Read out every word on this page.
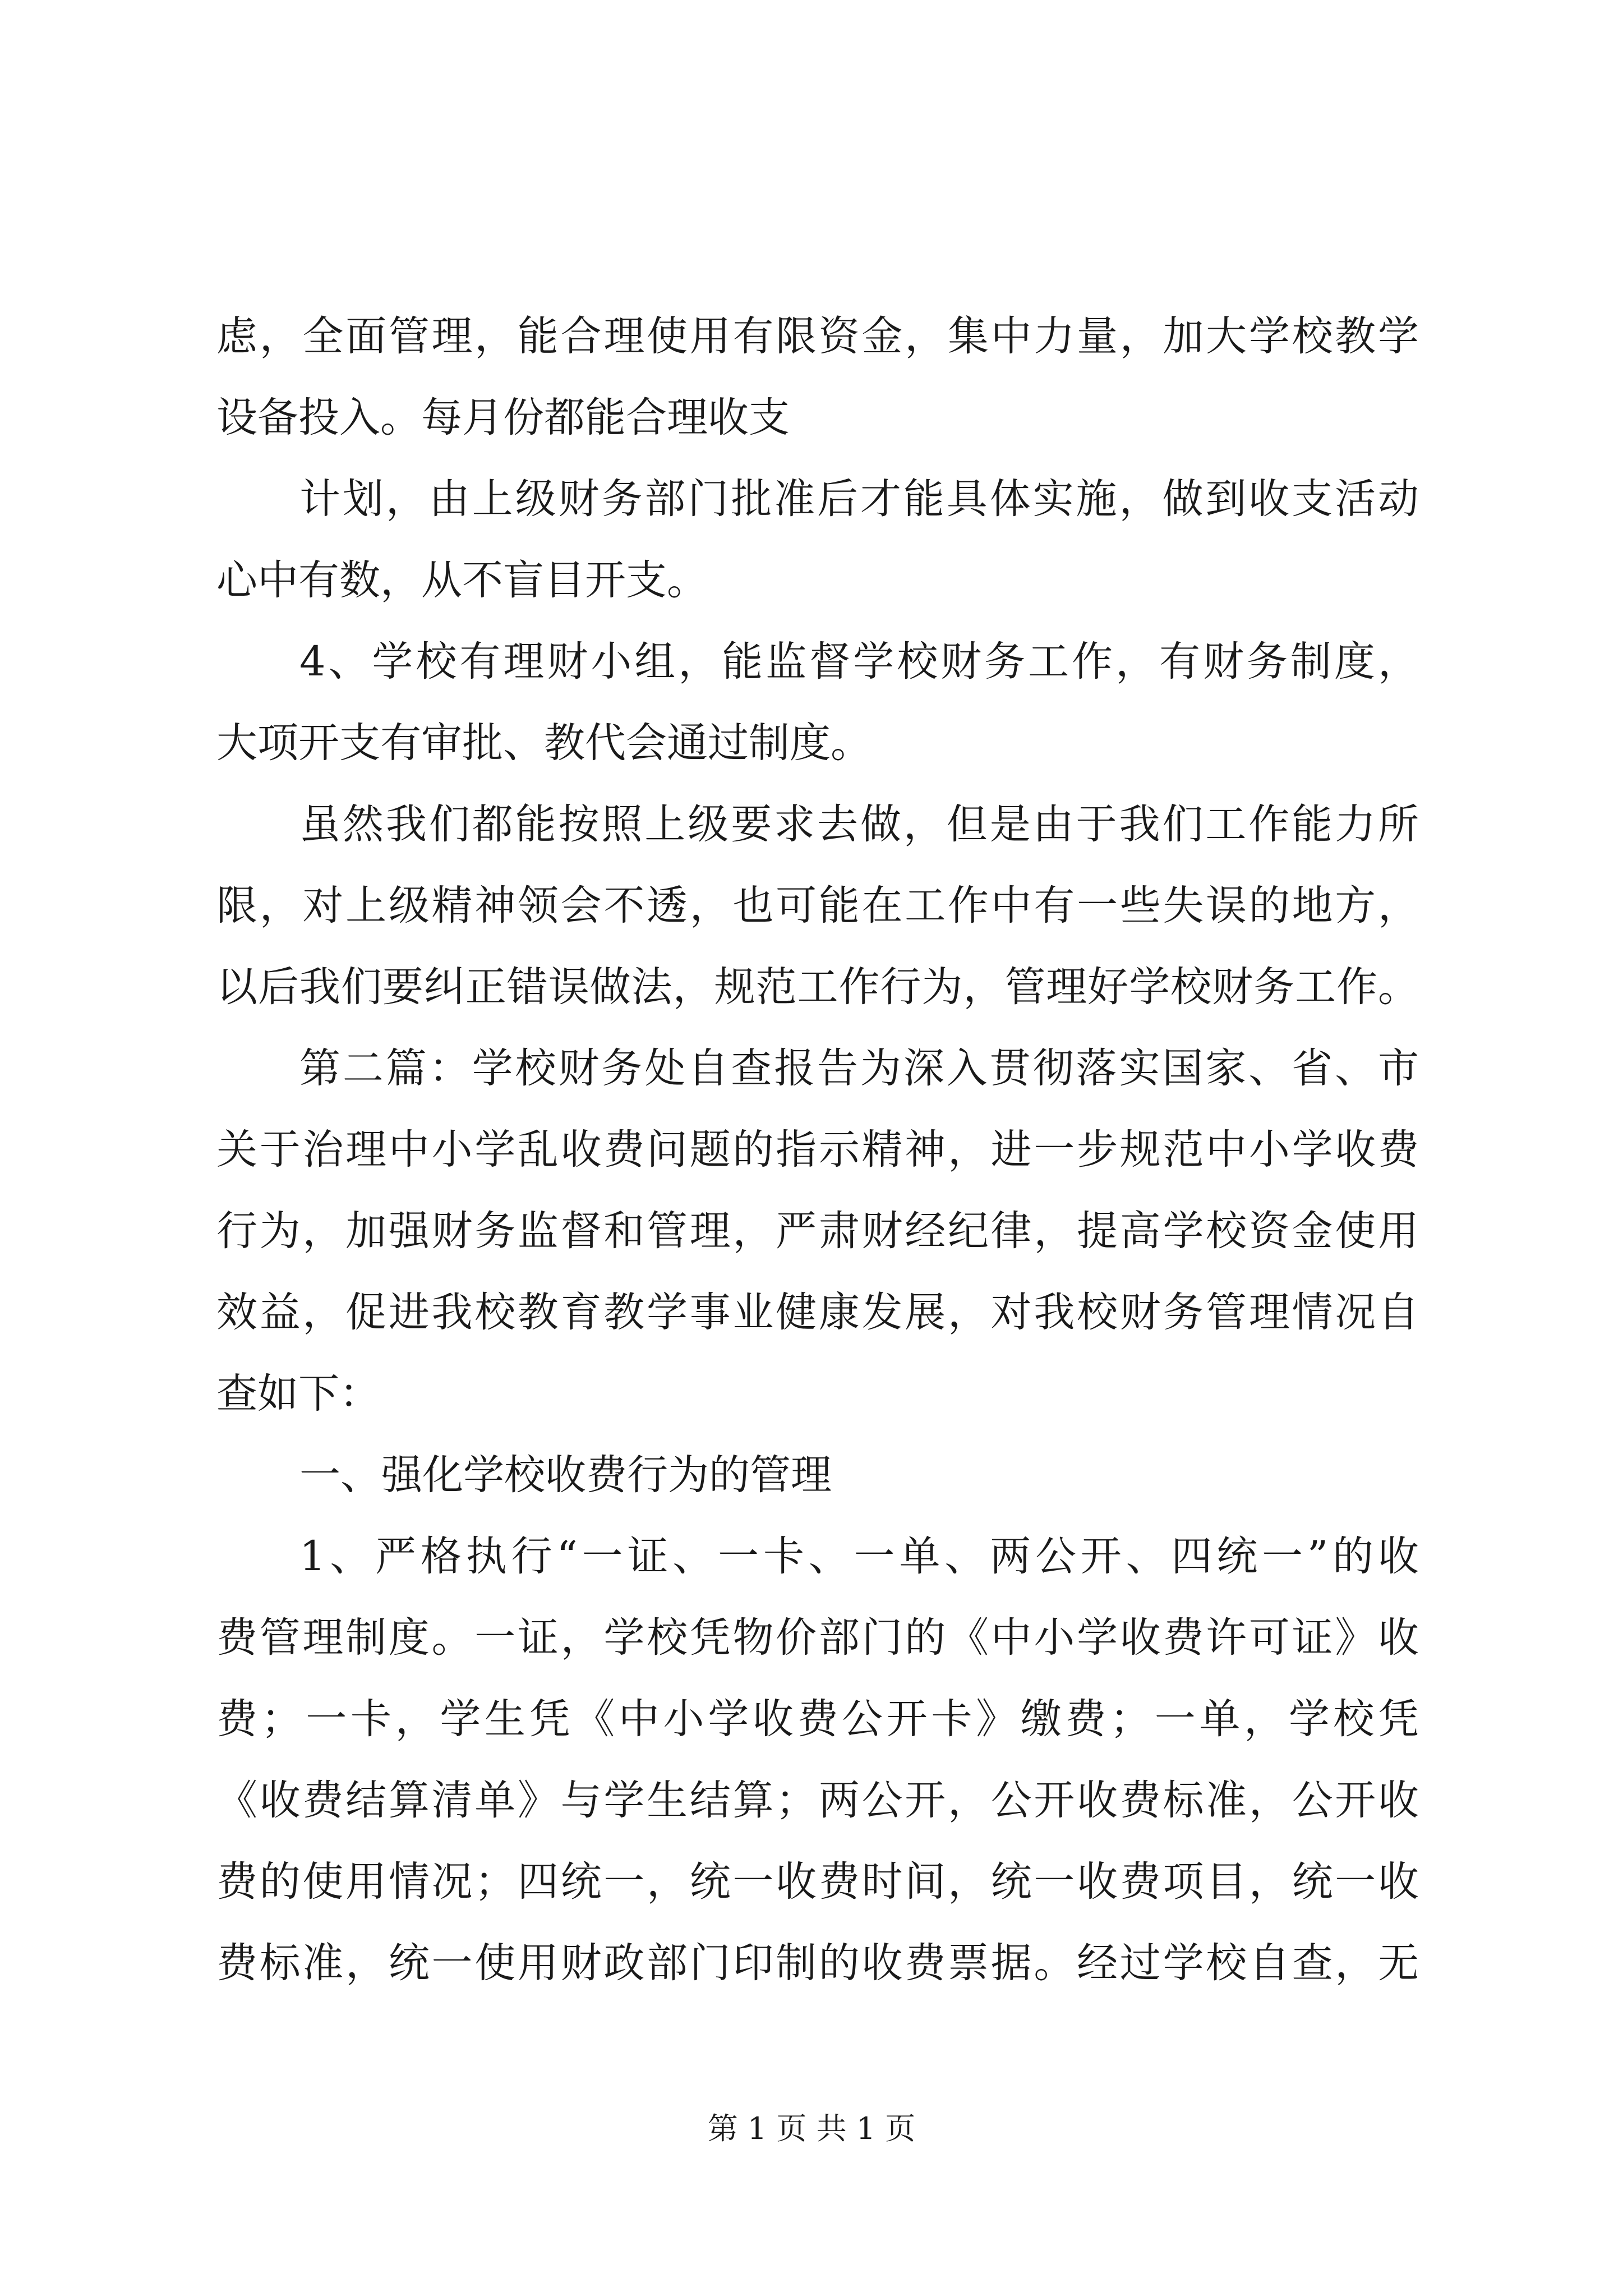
虑，全面管理，能合理使用有限资金，集中力量，加大学校教学
设备投入。每月份都能合理收支
计划，由上级财务部门批准后才能具体实施，做到收支活动
心中有数，从不盲目开支。
4、学校有理财小组，能监督学校财务工作，有财务制度，
大项开支有审批、教代会通过制度。
虽然我们都能按照上级要求去做，但是由于我们工作能力所
限，对上级精神领会不透，也可能在工作中有一些失误的地方，
以后我们要纠正错误做法，规范工作行为，管理好学校财务工作。
第二篇：学校财务处自查报告为深入贯彻落实国家、省、市
关于治理中小学乱收费问题的指示精神，进一步规范中小学收费
行为，加强财务监督和管理，严肃财经纪律，提高学校资金使用
效益，促进我校教育教学事业健康发展，对我校财务管理情况自
查如下：
一、强化学校收费行为的管理
1、严格执行“一证、一卡、一单、两公开、四统一”的收
费管理制度。一证，学校凭物价部门的《中小学收费许可证》收
费；一卡，学生凭《中小学收费公开卡》缴费；一单，学校凭
《收费结算清单》与学生结算；两公开，公开收费标准，公开收
费的使用情况；四统一，统一收费时间，统一收费项目，统一收
费标准，统一使用财政部门印制的收费票据。经过学校自查，无
第 1 页 共 1 页
